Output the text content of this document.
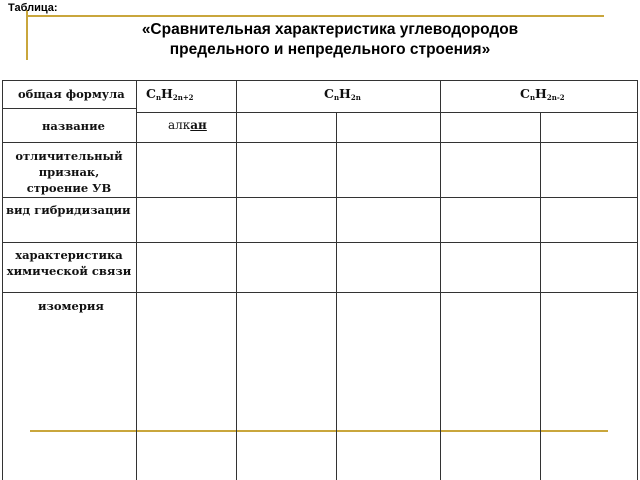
Таблица:
«Сравнительная характеристика углеводородов
предельного и непредельного строения»
общая формула
название
отличительный
признак,
строение УВ
вид гибридизации
характеристика
химической связи
изомерия
$C_nH_{2n+2}$	$C_nH_{2n}$	$C_nH_{2n-2}$
алкан
